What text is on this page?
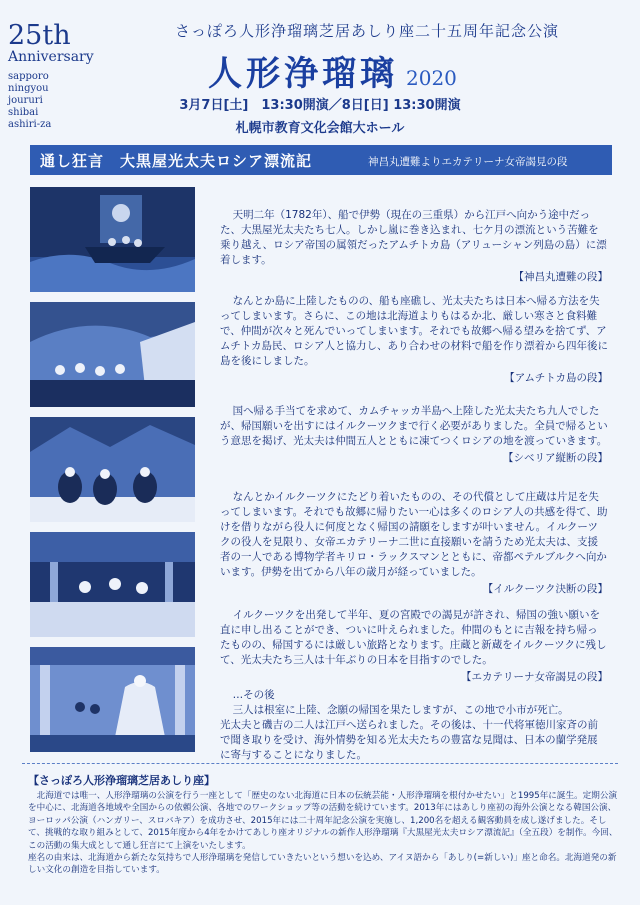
25th
Anniversary
sapporo
ningyou
joururi
shibai
ashiri-za
さっぽろ人形浄瑠璃芝居あしり座二十五周年記念公演
人形浄瑠璃 2020
3月7日[土]　13:30開演／8日[日] 13:30開演
札幌市教育文化会館大ホール
通し狂言　大黒屋光太夫ロシア漂流記	神昌丸遭難よりエカテリーナ女帝謁見の段
天明二年（1782年）、船で伊勢（現在の三重県）から江戸へ向かう途中だった、大黒屋光太夫たち七人。しかし嵐に巻き込まれ、七ケ月の漂流という苦難を乗り越え、ロシア帝国の属領だったアムチトカ島（アリューシャン列島の島）に漂着します。
【神昌丸遭難の段】
なんとか島に上陸したものの、船も座礁し、光太夫たちは日本へ帰る方法を失ってしまいます。さらに、この地は北海道よりもはるか北、厳しい寒さと食料難で、仲間が次々と死んでいってしまいます。それでも故郷へ帰る望みを捨てず、アムチトカ島民、ロシア人と協力し、あり合わせの材料で船を作り漂着から四年後に島を後にしました。
【アムチトカ島の段】
国へ帰る手当てを求めて、カムチャッカ半島へ上陸した光太夫たち九人でしたが、帰国願いを出すにはイルクーツクまで行く必要がありました。全員で帰るという意思を掲げ、光太夫は仲間五人とともに凍てつくロシアの地を渡っていきます。
【シベリア縦断の段】
なんとかイルクーツクにたどり着いたものの、その代償として庄蔵は片足を失ってしまいます。それでも故郷に帰りたい一心は多くのロシア人の共感を得て、助けを借りながら役人に何度となく帰国の請願をしますが叶いません。イルクーツクの役人を見限り、女帝エカテリーナ二世に直接願いを請うため光太夫は、支援者の一人である博物学者キリロ・ラックスマンとともに、帝都ペテルブルクへ向かいます。伊勢を出てから八年の歳月が経っていました。
【イルクーツク決断の段】
イルクーツクを出発して半年、夏の宮殿での謁見が許され、帰国の強い願いを直に申し出ることができ、ついに叶えられました。仲間のもとに吉報を持ち帰ったものの、帰国するには厳しい旅路となります。庄蔵と新蔵をイルクーツクに残して、光太夫たち三人は十年ぶりの日本を目指すのでした。
【エカテリーナ女帝謁見の段】
…その後
三人は根室に上陸、念願の帰国を果たしますが、この地で小市が死亡。
光太夫と磯吉の二人は江戸へ送られました。その後は、十一代将軍徳川家斉の前で聞き取りを受け、海外情勢を知る光太夫たちの豊富な見聞は、日本の蘭学発展に寄与することになりました。
【さっぽろ人形浄瑠璃芝居あしり座】
北海道では唯一、人形浄瑠璃の公演を行う一座として「歴史のない北海道に日本の伝統芸能・人形浄瑠璃を根付かせたい」と1995年に誕生。定期公演を中心に、北海道各地域や全国からの依頼公演、各地でのワークショップ等の活動を続けています。2013年にはあしり座初の海外公演となる韓国公演、ヨーロッパ公演（ハンガリー、スロバキア）を成功させ、2015年には二十周年記念公演を実施し、1,200名を超える観客動員を成し遂げました。そして、挑戦的な取り組みとして、2015年度から4年をかけてあしり座オリジナルの新作人形浄瑠璃『大黒屋光太夫ロシア漂流記』（全五段）を制作。今回、この活動の集大成として通し狂言にて上演をいたします。
座名の由来は、北海道から新たな気持ちで人形浄瑠璃を発信していきたいという想いを込め、アイヌ語から「あしり(=新しい)」座と命名。北海道発の新しい文化の創造を目指しています。
